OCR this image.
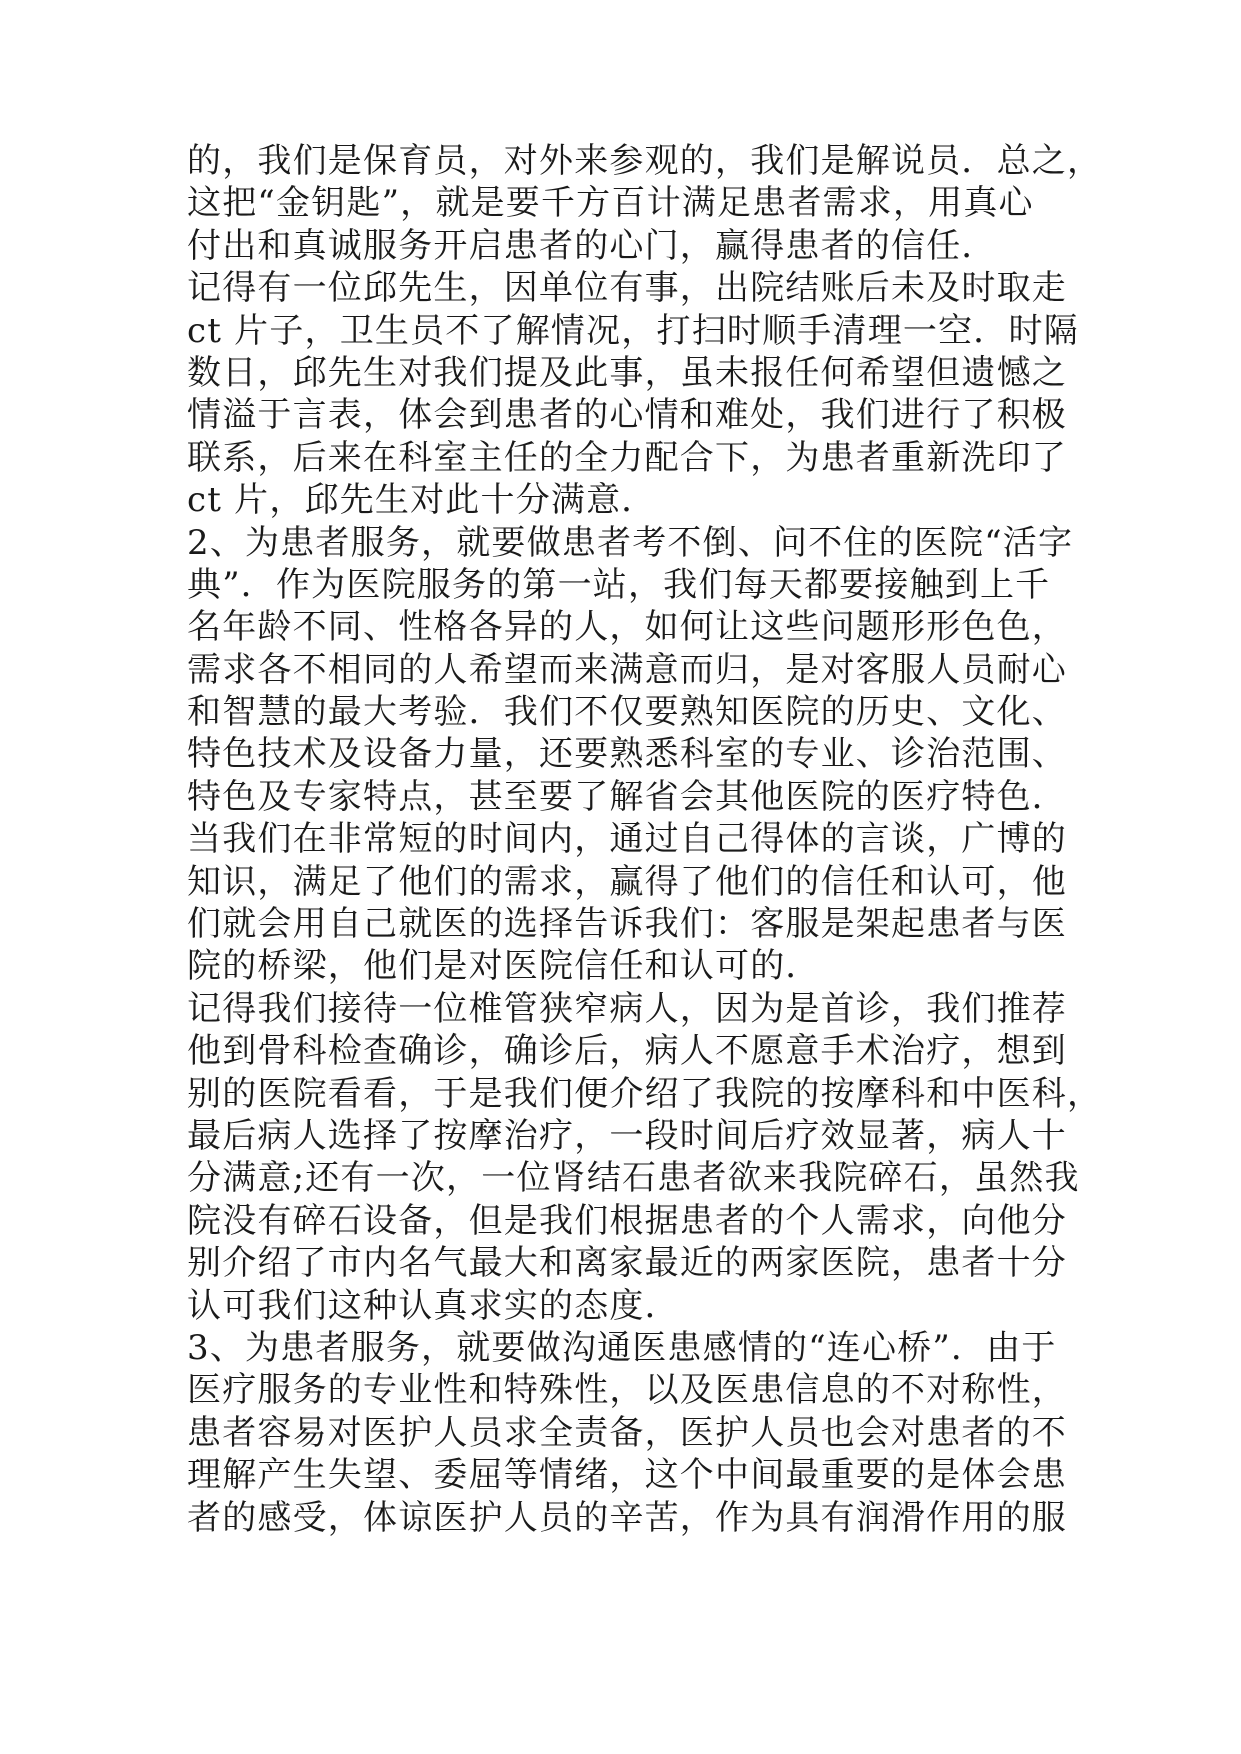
的，我们是保育员，对外来参观的，我们是解说员．总之，
这把“金钥匙”，就是要千方百计满足患者需求，用真心
付出和真诚服务开启患者的心门，赢得患者的信任．
记得有一位邱先生，因单位有事，出院结账后未及时取走
ct 片子，卫生员不了解情况，打扫时顺手清理一空．时隔
数日，邱先生对我们提及此事，虽未报任何希望但遗憾之
情溢于言表，体会到患者的心情和难处，我们进行了积极
联系，后来在科室主任的全力配合下，为患者重新洗印了
ct 片，邱先生对此十分满意．
2、为患者服务，就要做患者考不倒、问不住的医院“活字
典”．作为医院服务的第一站，我们每天都要接触到上千
名年龄不同、性格各异的人，如何让这些问题形形色色，
需求各不相同的人希望而来满意而归，是对客服人员耐心
和智慧的最大考验．我们不仅要熟知医院的历史、文化、
特色技术及设备力量，还要熟悉科室的专业、诊治范围、
特色及专家特点，甚至要了解省会其他医院的医疗特色．
当我们在非常短的时间内，通过自己得体的言谈，广博的
知识，满足了他们的需求，赢得了他们的信任和认可，他
们就会用自己就医的选择告诉我们：客服是架起患者与医
院的桥梁，他们是对医院信任和认可的．
记得我们接待一位椎管狭窄病人，因为是首诊，我们推荐
他到骨科检查确诊，确诊后，病人不愿意手术治疗，想到
别的医院看看，于是我们便介绍了我院的按摩科和中医科，
最后病人选择了按摩治疗，一段时间后疗效显著，病人十
分满意;还有一次，一位肾结石患者欲来我院碎石，虽然我
院没有碎石设备，但是我们根据患者的个人需求，向他分
别介绍了市内名气最大和离家最近的两家医院，患者十分
认可我们这种认真求实的态度．
3、为患者服务，就要做沟通医患感情的“连心桥”．由于
医疗服务的专业性和特殊性，以及医患信息的不对称性，
患者容易对医护人员求全责备，医护人员也会对患者的不
理解产生失望、委屈等情绪，这个中间最重要的是体会患
者的感受，体谅医护人员的辛苦，作为具有润滑作用的服
